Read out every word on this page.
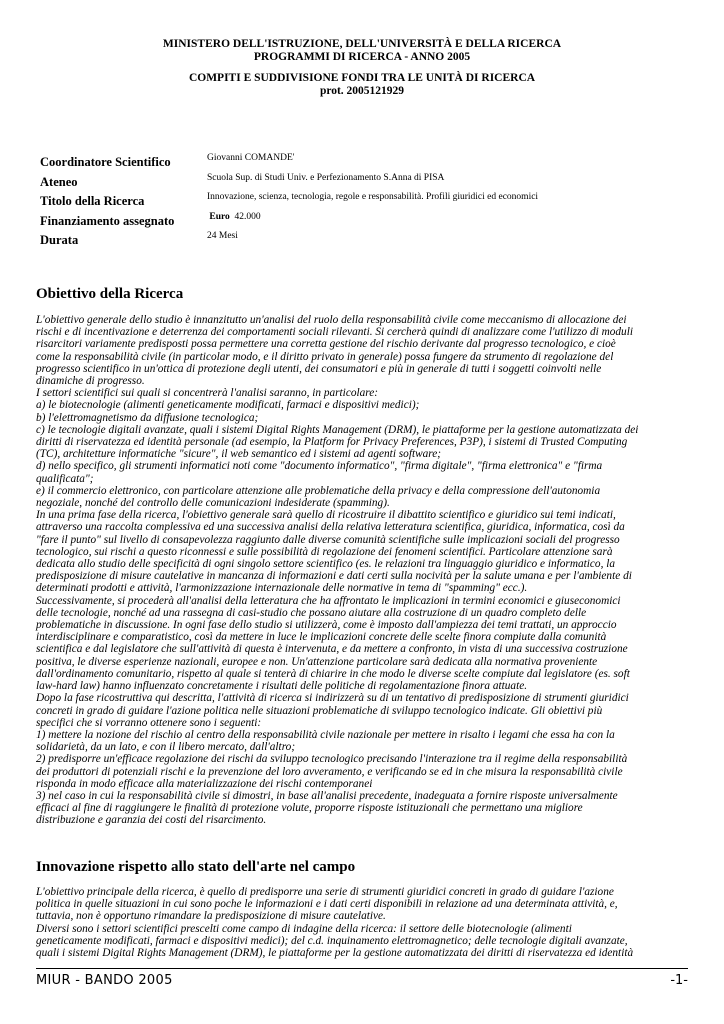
MINISTERO DELL'ISTRUZIONE, DELL'UNIVERSITÀ E DELLA RICERCA
PROGRAMMI DI RICERCA - ANNO 2005
COMPITI E SUDDIVISIONE FONDI TRA LE UNITÀ DI RICERCA
prot. 2005121929
Coordinatore Scientifico	Giovanni COMANDE'
Ateneo	Scuola Sup. di Studi Univ. e Perfezionamento S.Anna di PISA
Titolo della Ricerca	Innovazione, scienza, tecnologia, regole e responsabilità. Profili giuridici ed economici
Finanziamento assegnato	Euro 42.000
Durata	24 Mesi
Obiettivo della Ricerca

L'obiettivo generale dello studio è innanzitutto un'analisi del ruolo della responsabilità civile come meccanismo di allocazione dei

rischi e di incentivazione e deterrenza dei comportamenti sociali rilevanti. Si cercherà quindi di analizzare come l'utilizzo di moduli

risarcitori variamente predisposti possa permettere una corretta gestione del rischio derivante dal progresso tecnologico, e cioè

come la responsabilità civile (in particolar modo, e il diritto privato in generale) possa fungere da strumento di regolazione del

progresso scientifico in un'ottica di protezione degli utenti, dei consumatori e più in generale di tutti i soggetti coinvolti nelle

dinamiche di progresso.

I settori scientifici sui quali si concentrerà l'analisi saranno, in particolare:

a) le biotecnologie (alimenti geneticamente modificati, farmaci e dispositivi medici);

b) l'elettromagnetismo da diffusione tecnologica;

c) le tecnologie digitali avanzate, quali i sistemi Digital Rights Management (DRM), le piattaforme per la gestione automatizzata dei

diritti di riservatezza ed identità personale (ad esempio, la Platform for Privacy Preferences, P3P), i sistemi di Trusted Computing

(TC), architetture informatiche "sicure", il web semantico ed i sistemi ad agenti software;

d) nello specifico, gli strumenti informatici noti come "documento informatico", "firma digitale", "firma elettronica" e "firma

qualificata";

e) il commercio elettronico, con particolare attenzione alle problematiche della privacy e della compressione dell'autonomia

negoziale, nonché del controllo delle comunicazioni indesiderate (spamming).

In una prima fase della ricerca, l'obiettivo generale sarà quello di ricostruire il dibattito scientifico e giuridico sui temi indicati,

attraverso una raccolta complessiva ed una successiva analisi della relativa letteratura scientifica, giuridica, informatica, così da

"fare il punto" sul livello di consapevolezza raggiunto dalle diverse comunità scientifiche sulle implicazioni sociali del progresso

tecnologico, sui rischi a questo riconnessi e sulle possibilità di regolazione dei fenomeni scientifici. Particolare attenzione sarà

dedicata allo studio delle specificità di ogni singolo settore scientifico (es. le relazioni tra linguaggio giuridico e informatico, la

predisposizione di misure cautelative in mancanza di informazioni e dati certi sulla nocività per la salute umana e per l'ambiente di

determinati prodotti e attività, l'armonizzazione internazionale delle normative in tema di "spamming" ecc.).

Successivamente, si procederà all'analisi della letteratura che ha affrontato le implicazioni in termini economici e giuseconomici

delle tecnologie, nonché ad una rassegna di casi-studio che possano aiutare alla costruzione di un quadro completo delle

problematiche in discussione. In ogni fase dello studio si utilizzerà, come è imposto dall'ampiezza dei temi trattati, un approccio

interdisciplinare e comparatistico, così da mettere in luce le implicazioni concrete delle scelte finora compiute dalla comunità

scientifica e dal legislatore che sull'attività di questa è intervenuta, e da mettere a confronto, in vista di una successiva costruzione

positiva, le diverse esperienze nazionali, europee e non. Un'attenzione particolare sarà dedicata alla normativa proveniente

dall'ordinamento comunitario, rispetto al quale si tenterà di chiarire in che modo le diverse scelte compiute dal legislatore (es. soft

law-hard law) hanno influenzato concretamente i risultati delle politiche di regolamentazione finora attuate.

Dopo la fase ricostruttiva qui descritta, l'attività di ricerca si indirizzerà su di un tentativo di predisposizione di strumenti giuridici

concreti in grado di guidare l'azione politica nelle situazioni problematiche di sviluppo tecnologico indicate. Gli obiettivi più

specifici che si vorranno ottenere sono i seguenti:

1) mettere la nozione del rischio al centro della responsabilità civile nazionale per mettere in risalto i legami che essa ha con la

solidarietà, da un lato, e con il libero mercato, dall'altro;

2) predisporre un'efficace regolazione dei rischi da sviluppo tecnologico precisando l'interazione tra il regime della responsabilità

dei produttori di potenziali rischi e la prevenzione del loro avveramento, e verificando se ed in che misura la responsabilità civile

risponda in modo efficace alla materializzazione dei rischi contemporanei

3) nel caso in cui la responsabilità civile si dimostri, in base all'analisi precedente, inadeguata a fornire risposte universalmente

efficaci al fine di raggiungere le finalità di protezione volute, proporre risposte istituzionali che permettano una migliore

distribuzione e garanzia dei costi del risarcimento.

Innovazione rispetto allo stato dell'arte nel campo

L'obiettivo principale della ricerca, è quello di predisporre una serie di strumenti giuridici concreti in grado di guidare l'azione

politica in quelle situazioni in cui sono poche le informazioni e i dati certi disponibili in relazione ad una determinata attività, e,

tuttavia, non è opportuno rimandare la predisposizione di misure cautelative.

Diversi sono i settori scientifici prescelti come campo di indagine della ricerca: il settore delle biotecnologie (alimenti

geneticamente modificati, farmaci e dispositivi medici); del c.d. inquinamento elettromagnetico; delle tecnologie digitali avanzate,

quali i sistemi Digital Rights Management (DRM), le piattaforme per la gestione automatizzata dei diritti di riservatezza ed identità

MIUR - BANDO 2005	-1-
